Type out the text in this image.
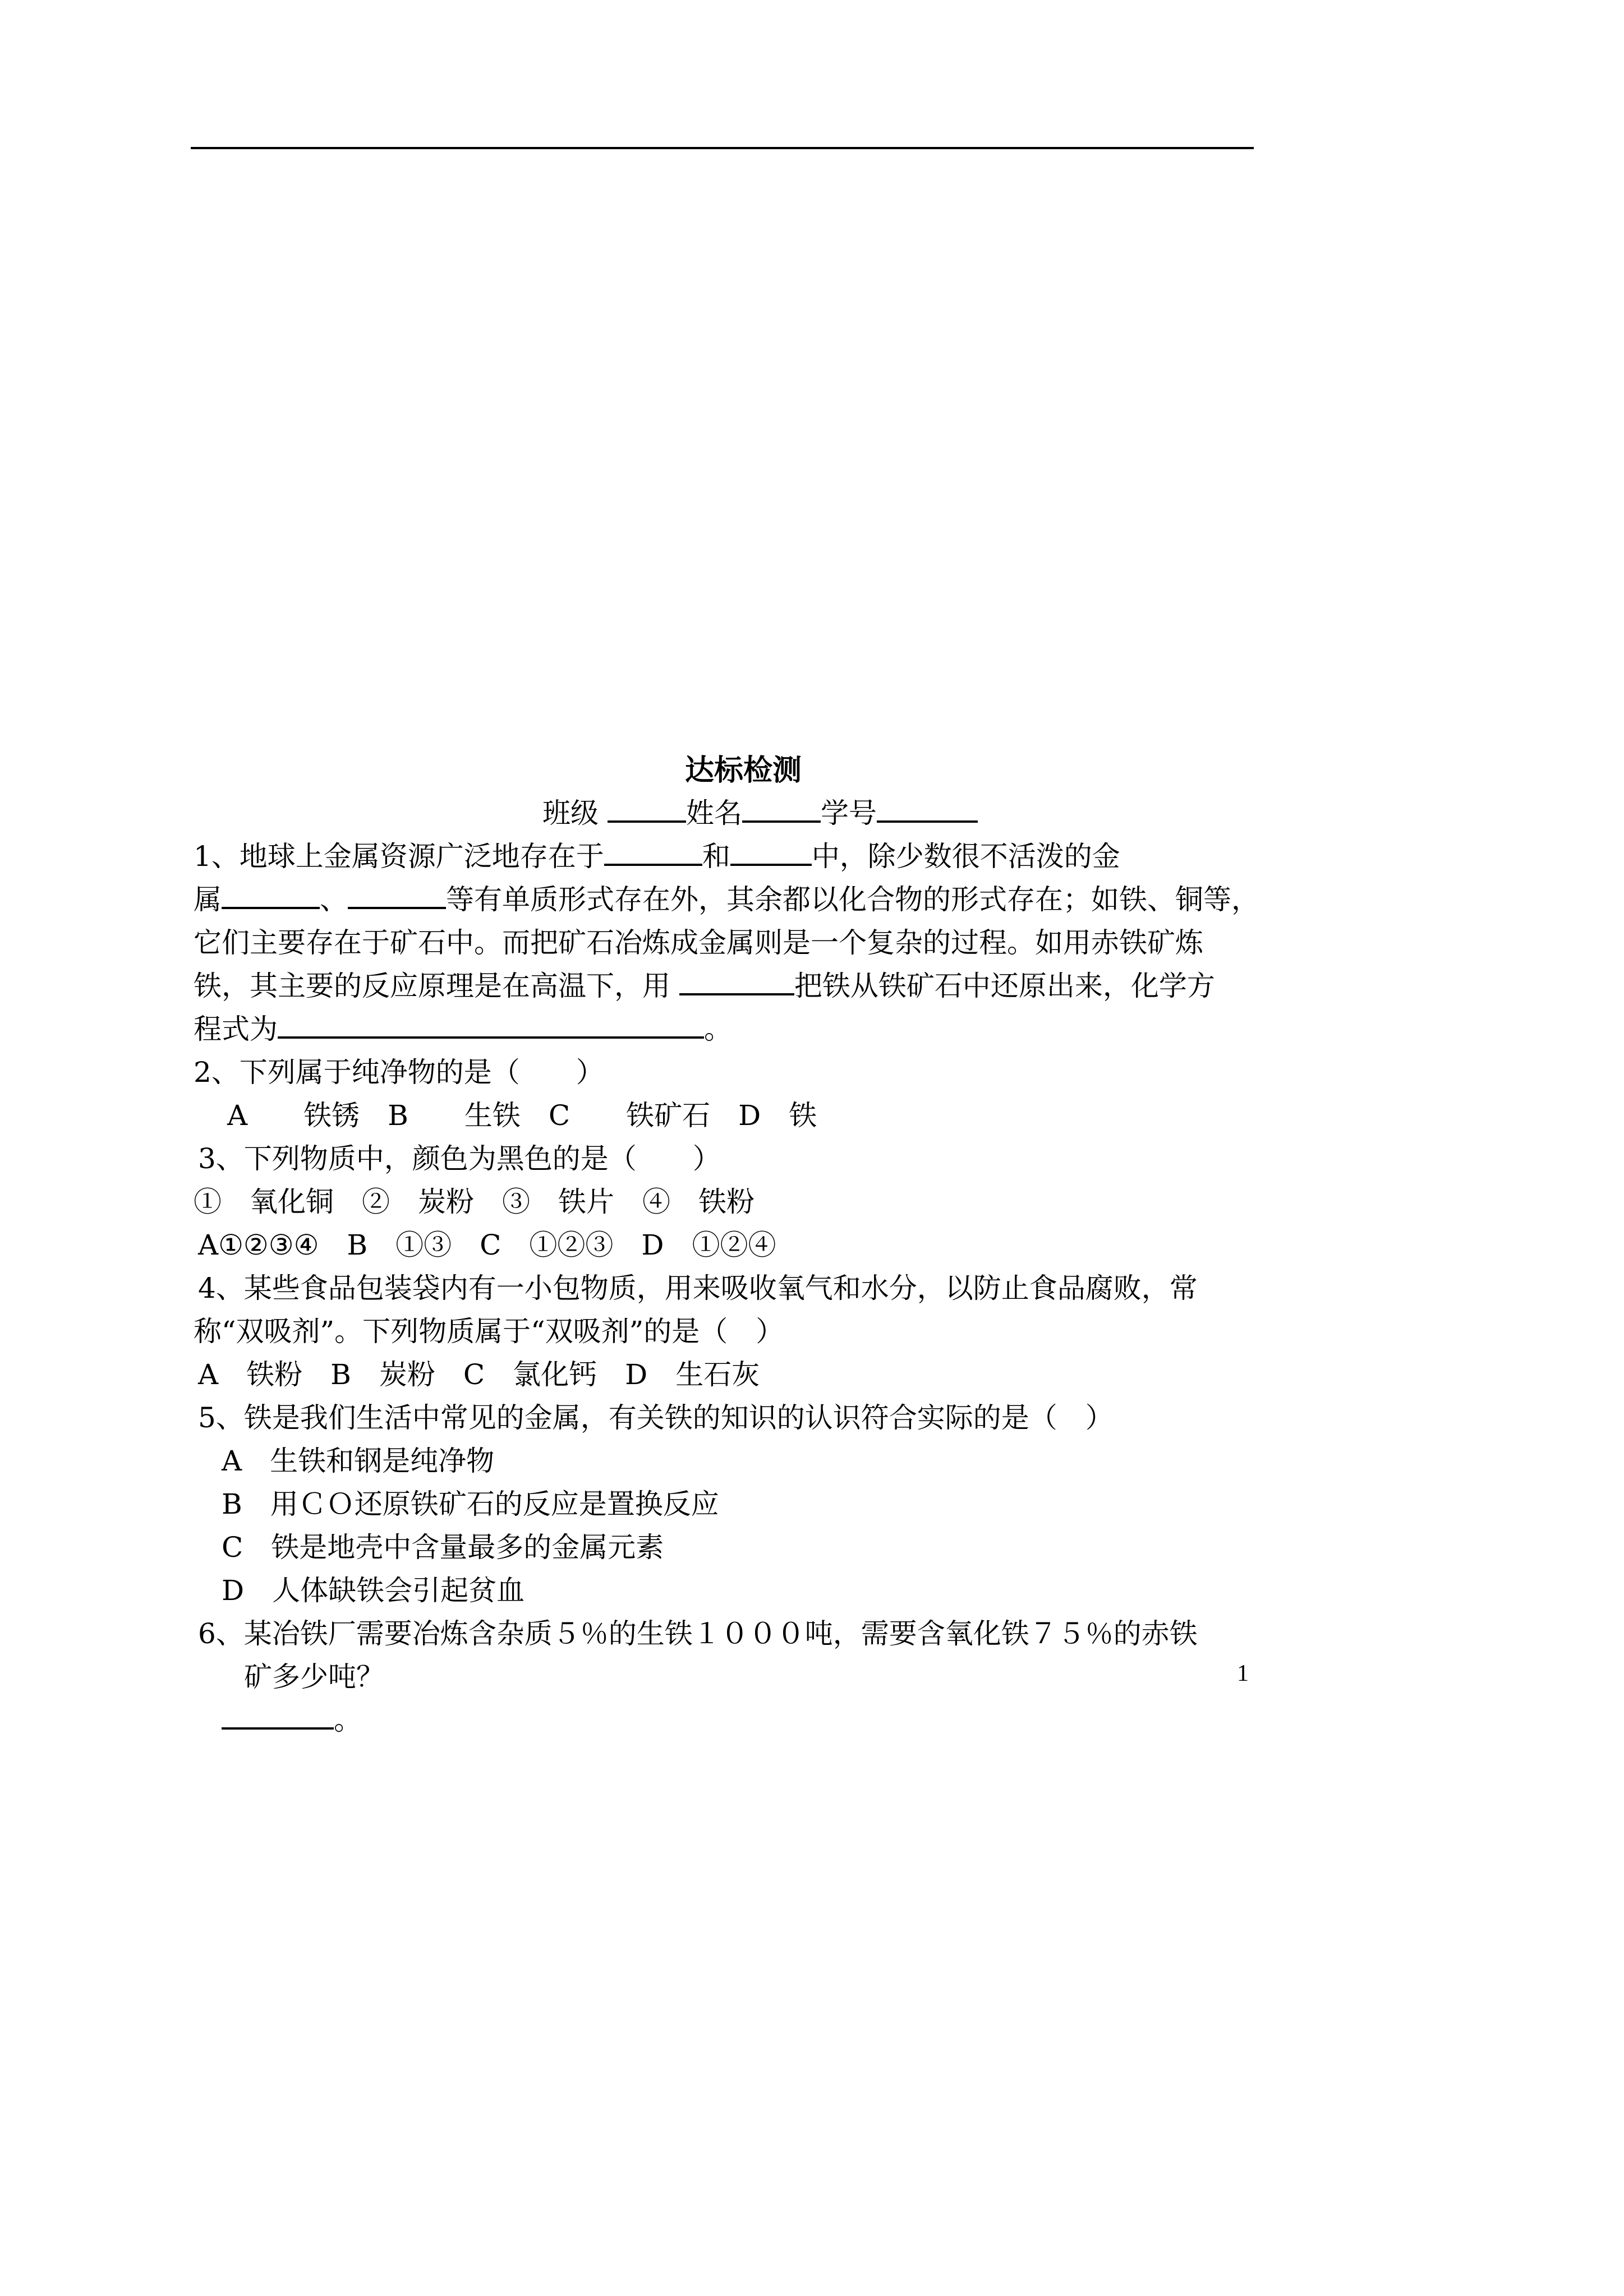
达标检测
班级	姓名	学号
1、地球上金属资源广泛地存在于	和	中，除少数很不活泼的金
属	、	等有单质形式存在外，其余都以化合物的形式存在；如铁、铜等，
它们主要存在于矿石中。而把矿石冶炼成金属则是一个复杂的过程。如用赤铁矿炼
铁，其主要的反应原理是在高温下，用	把铁从铁矿石中还原出来，化学方
程式为	。
2、下列属于纯净物的是（　　）
A　　铁锈 B　　生铁 C　　铁矿石 D　铁
3、下列物质中，颜色为黑色的是（　　）
①　氧化铜 ②　炭粉 ③　铁片 ④　铁粉
A①②③④ B　①③ C　①②③ D　①②④
4、某些食品包装袋内有一小包物质，用来吸收氧气和水分，以防止食品腐败，常
称“双吸剂”。下列物质属于“双吸剂”的是（　）
A　铁粉 B　炭粉 C　氯化钙 D　生石灰
5、铁是我们生活中常见的金属，有关铁的知识的认识符合实际的是（　）
A　生铁和钢是纯净物
B　用ＣＯ还原铁矿石的反应是置换反应
C　铁是地壳中含量最多的金属元素
D　人体缺铁会引起贫血
6、某冶铁厂需要冶炼含杂质５％的生铁１０００吨，需要含氧化铁７５％的赤铁
矿多少吨？
。
1
